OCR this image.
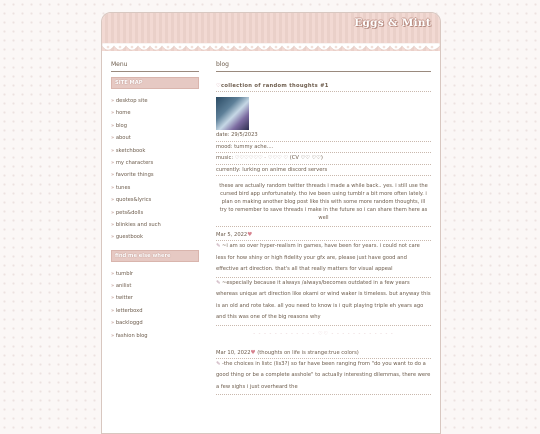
Eggs & Mint
Menu
SITE MAP
» desktop site
» home
» blog
» about
» sketchbook
» my characters
» favorite things
» tunes
» quotes&lyrics
» pets&dolls
» blinkies and such
» guestbook
find me else where
» tumblr
» anilist
» twitter
» letterboxd
» backloggd
» fashion blog
blog
♡ collection of random thoughts #1
date: 29/5/2023
mood: tummy ache....
music: ♡♡♡♡♡♡ - ♡♡♡ ♡ (CV ♡♡ ♡♡)
currently: lurking on anime discord servers
these are actually random twitter threads i made a while back.. yes. i still use the cursed bird app unfortunately. tho ive been using tumblr a bit more often lately. i plan on making another blog post like this with some more random thoughts, ill try to remember to save threads i make in the future so i can share them here as well
Mar 5, 2022♥
✎ ~i am so over hyper-realism in games, have been for years. i could not care less for how shiny or high fidelity your gfx are, please just have good and effective art direction. that's all that really matters for visual appeal
✎ ~especially because it always /always/becomes outdated in a few years whereas unique art direction like okami or wind waker is timeless. but anyway this is an old and rote take. all you need to know is i quit playing triple eh years ago and this was one of the big reasons why
- - - - - - - - - - - - ♡♡ - - - - - - - - - - - -
Mar 10, 2022♥ (thoughts on life is strange:true colors)
✎ -the choices in listc (lis3?) so far have been ranging from "do you want to do a good thing or be a complete asshole" to actually interesting dilemmas, there were a few sighs i just overheard the
